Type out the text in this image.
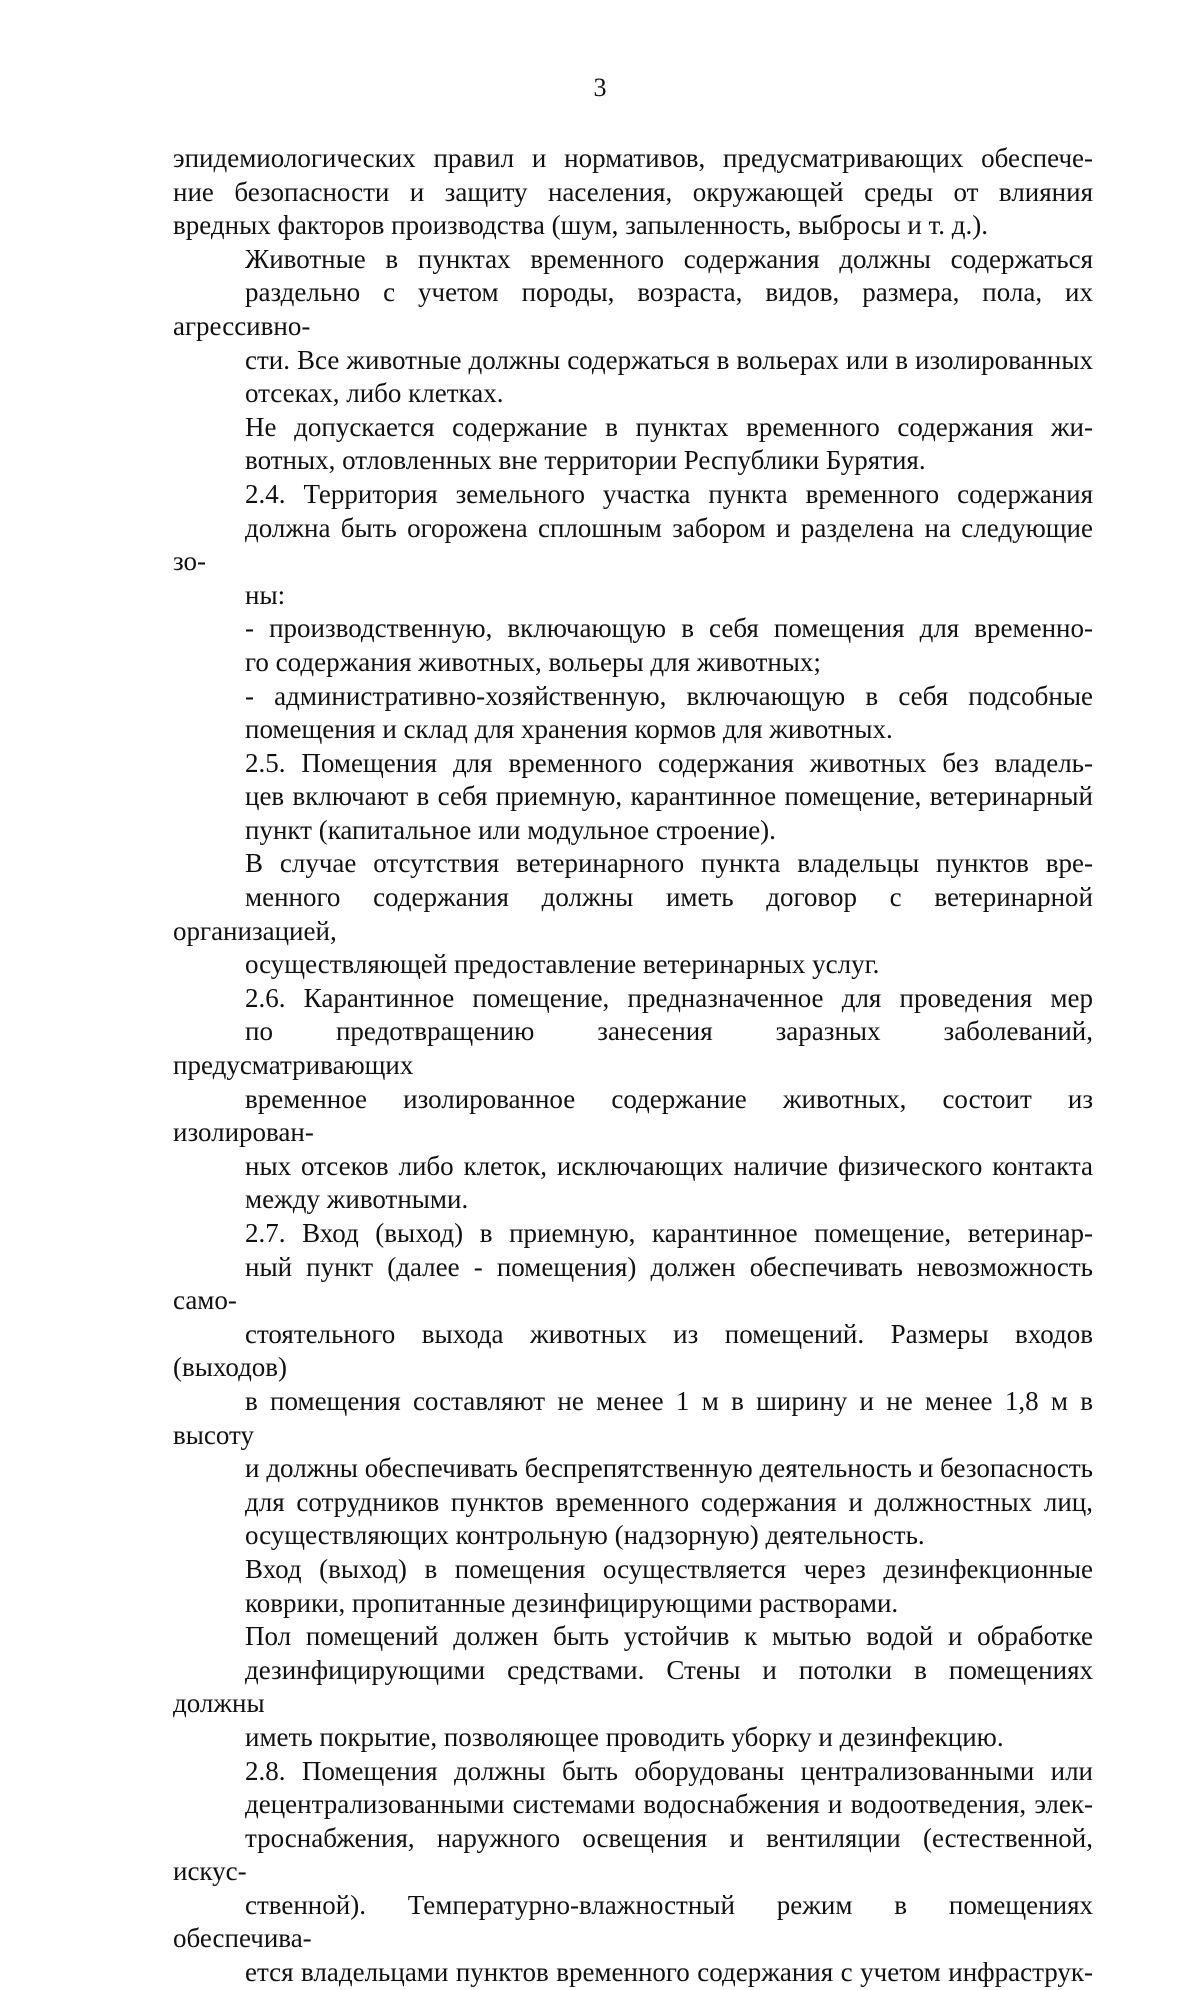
3

эпидемиологических правил и нормативов, предусматривающих обеспече-
ние безопасности и защиту населения, окружающей среды от влияния
вредных факторов производства (шум, запыленность, выбросы и т. д.).

Животные в пунктах временного содержания должны содержаться
раздельно с учетом породы, возраста, видов, размера, пола, их агрессивно-
сти. Все животные должны содержаться в вольерах или в изолированных
отсеках, либо клетках.

Не допускается содержание в пунктах временного содержания жи-
вотных, отловленных вне территории Республики Бурятия.

2.4. Территория земельного участка пункта временного содержания
должна быть огорожена сплошным забором и разделена на следующие зо-
ны:

- производственную, включающую в себя помещения для временно-
го содержания животных, вольеры для животных;

- административно-хозяйственную, включающую в себя подсобные
помещения и склад для хранения кормов для животных.

2.5. Помещения для временного содержания животных без владель-
цев включают в себя приемную, карантинное помещение, ветеринарный
пункт (капитальное или модульное строение).

В случае отсутствия ветеринарного пункта владельцы пунктов вре-
менного содержания должны иметь договор с ветеринарной организацией,
осуществляющей предоставление ветеринарных услуг.

2.6. Карантинное помещение, предназначенное для проведения мер
по предотвращению занесения заразных заболеваний, предусматривающих
временное изолированное содержание животных, состоит из изолирован-
ных отсеков либо клеток, исключающих наличие физического контакта
между животными.

2.7. Вход (выход) в приемную, карантинное помещение, ветеринар-
ный пункт (далее - помещения) должен обеспечивать невозможность само-
стоятельного выхода животных из помещений. Размеры входов (выходов)
в помещения составляют не менее 1 м в ширину и не менее 1,8 м в высоту
и должны обеспечивать беспрепятственную деятельность и безопасность
для сотрудников пунктов временного содержания и должностных лиц,
осуществляющих контрольную (надзорную) деятельность.

Вход (выход) в помещения осуществляется через дезинфекционные
коврики, пропитанные дезинфицирующими растворами.

Пол помещений должен быть устойчив к мытью водой и обработке
дезинфицирующими средствами. Стены и потолки в помещениях должны
иметь покрытие, позволяющее проводить уборку и дезинфекцию.

2.8. Помещения должны быть оборудованы централизованными или
децентрализованными системами водоснабжения и водоотведения, элек-
троснабжения, наружного освещения и вентиляции (естественной, искус-
ственной). Температурно-влажностный режим в помещениях обеспечива-
ется владельцами пунктов временного содержания с учетом инфраструк-
